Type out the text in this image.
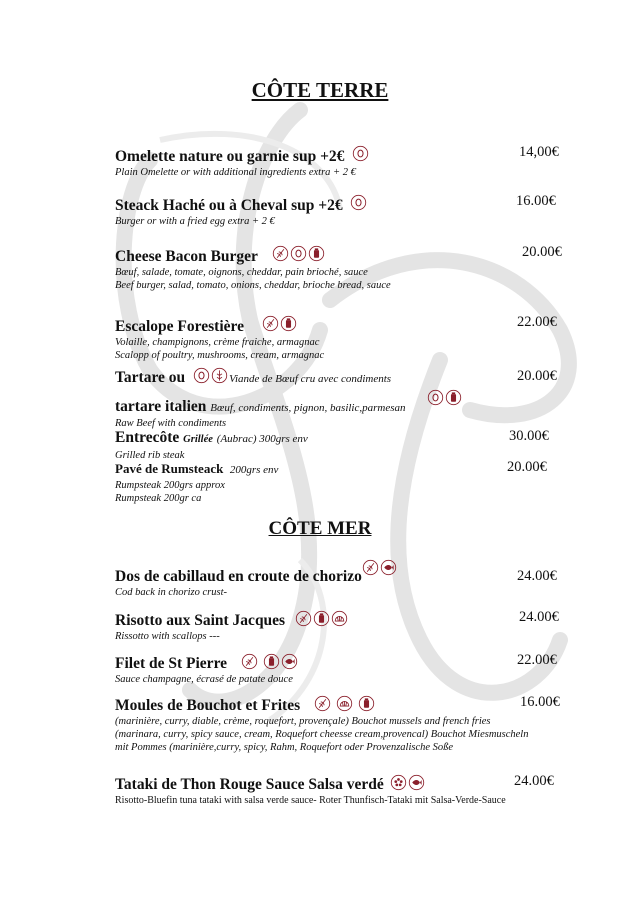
CÔTE TERRE
Omelette nature ou garnie sup +2€
Plain Omelette or with additional ingredients extra + 2 €
14,00€
Steack Haché ou à Cheval sup +2€
Burger or with a fried egg extra + 2 €
16.00€
Cheese Bacon Burger
Bœuf, salade, tomate, oignons, cheddar, pain brioché, sauce
Beef burger, salad, tomato, onions, cheddar, brioche bread, sauce
20.00€
Escalope Forestière
Volaille, champignons, crème fraiche, armagnac
Scalopp of poultry, mushrooms, cream, armagnac
22.00€
Tartare ou	Viande de Bœuf cru avec condiments	20.00€
tartare italien Bœuf, condiments, pignon, basilic,parmesan
Raw Beef with condiments
Entrecôte Grillée (Aubrac) 300grs env
Grilled rib steak
30.00€
Pavé de Rumsteack 200grs env
Rumpsteak 200grs approx
Rumpsteak 200gr ca
20.00€
CÔTE MER
Dos de cabillaud en croute de chorizo
Cod back in chorizo crust-
24.00€
Risotto aux Saint Jacques
Rissotto with scallops ---
24.00€
Filet de St Pierre

Sauce champagne, écrasé de patate douce
22.00€
Moules de Bouchot et Frites

(marinière, curry, diable, crème, roquefort, provençale) Bouchot mussels and french fries
(marinara, curry, spicy sauce, cream, Roquefort cheesse cream,provencal) Bouchot Miesmuscheln
mit Pommes (marinière,curry, spicy, Rahm, Roquefort oder Provenzalische Soße
16.00€
Tataki de Thon Rouge Sauce Salsa verdé
Risotto-Bluefin tuna tataki with salsa verde sauce- Roter Thunfisch-Tataki mit Salsa-Verde-Sauce
24.00€
